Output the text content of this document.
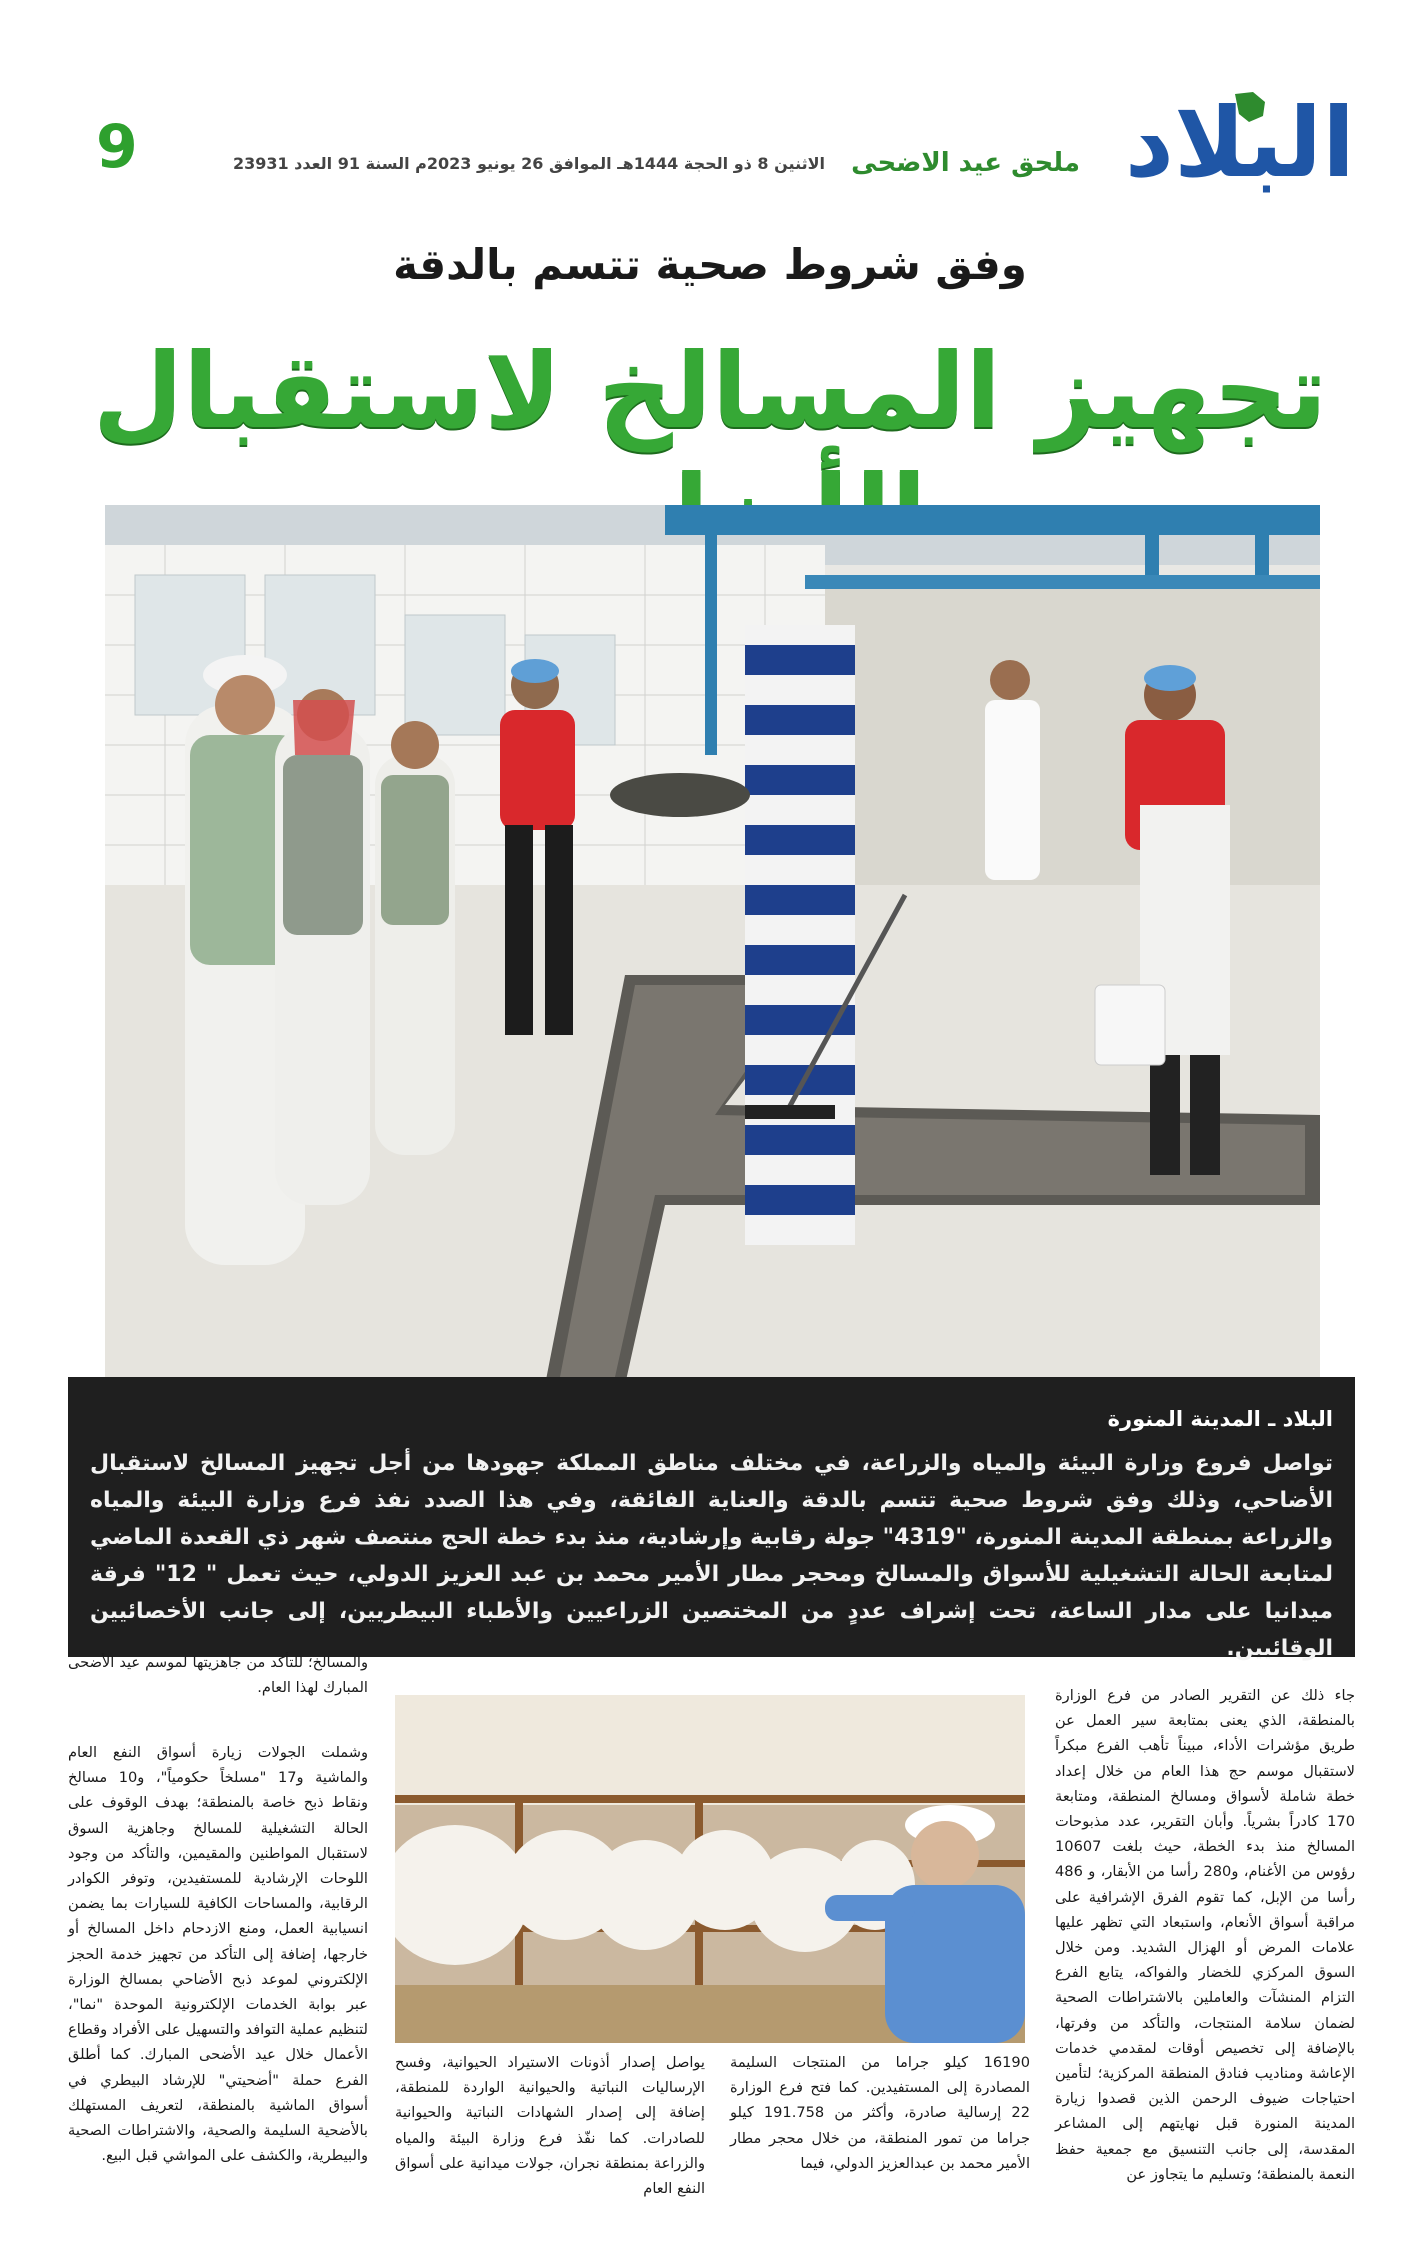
البلاد
ملحق عيد الاضحى
الاثنين 8 ذو الحجة 1444هـ الموافق 26 يونيو 2023م السنة 91 العدد 23931
9
وفق شروط صحية تتسم بالدقة
تجهيز المسالخ لاستقبال
البلاد ـ المدينة المنورة
تواصل فروع وزارة البيئة والمياه والزراعة، في مختلف مناطق المملكة جهودها من أجل تجهيز المسالخ لاستقبال الأضاحي، وذلك وفق شروط صحية تتسم بالدقة والعناية الفائقة، وفي هذا الصدد نفذ فرع وزارة البيئة والمياه والزراعة بمنطقة المدينة المنورة، "4319" جولة رقابية وإرشادية، منذ بدء خطة الحج منتصف شهر ذي القعدة الماضي لمتابعة الحالة التشغيلية للأسواق والمسالخ ومحجر مطار الأمير محمد بن عبد العزيز الدولي، حيث تعمل " 12" فرقة ميدانيا على مدار الساعة، تحت إشراف عددٍ من المختصين الزراعيين والأطباء البيطريين، إلى جانب الأخصائيين الوقائيين.
جاء ذلك عن التقرير الصادر من فرع الوزارة بالمنطقة، الذي يعنى بمتابعة سير العمل عن طريق مؤشرات الأداء، مبيناً تأهب الفرع مبكراً لاستقبال موسم حج هذا العام من خلال إعداد خطة شاملة لأسواق ومسالخ المنطقة، ومتابعة 170 كادراً بشرياً. وأبان التقرير، عدد مذبوحات المسالخ منذ بدء الخطة، حيث بلغت 10607 رؤوس من الأغنام، و280 رأسا من الأبقار، و 486 رأسا من الإبل، كما تقوم الفرق الإشرافية على مراقبة أسواق الأنعام، واستبعاد التي تظهر عليها علامات المرض أو الهزال الشديد. ومن خلال السوق المركزي للخضار والفواكه، يتابع الفرع التزام المنشآت والعاملين بالاشتراطات الصحية لضمان سلامة المنتجات، والتأكد من وفرتها، بالإضافة إلى تخصيص أوقات لمقدمي خدمات الإعاشة ومناديب فنادق المنطقة المركزية؛ لتأمين احتياجات ضيوف الرحمن الذين قصدوا زيارة المدينة المنورة قبل نهايتهم إلى المشاعر المقدسة، إلى جانب التنسيق مع جمعية حفظ النعمة بالمنطقة؛ وتسليم ما يتجاوز عن
16190 كيلو جراما من المنتجات السليمة المصادرة إلى المستفيدين. كما فتح فرع الوزارة 22 إرسالية صادرة، وأكثر من 191.758 كيلو جراما من تمور المنطقة، من خلال محجر مطار الأمير محمد بن عبدالعزيز الدولي، فيما
يواصل إصدار أذونات الاستيراد الحيوانية، وفسح الإرساليات النباتية والحيوانية الواردة للمنطقة، إضافة إلى إصدار الشهادات النباتية والحيوانية للصادرات. كما نفّذ فرع وزارة البيئة والمياه والزراعة بمنطقة نجران، جولات ميدانية على أسواق النفع العام
والمسالخ؛ للتأكد من جاهزيتها لموسم عيد الأضحى المبارك لهذا العام.
وشملت الجولات زيارة أسواق النفع العام والماشية و17 "مسلخاً حكومياً"، و10 مسالخ ونقاط ذبح خاصة بالمنطقة؛ بهدف الوقوف على الحالة التشغيلية للمسالخ وجاهزية السوق لاستقبال المواطنين والمقيمين، والتأكد من وجود اللوحات الإرشادية للمستفيدين، وتوفر الكوادر الرقابية، والمساحات الكافية للسيارات بما يضمن انسيابية العمل، ومنع الازدحام داخل المسالخ أو خارجها، إضافة إلى التأكد من تجهيز خدمة الحجز الإلكتروني لموعد ذبح الأضاحي بمسالخ الوزارة عبر بوابة الخدمات الإلكترونية الموحدة "نما"، لتنظيم عملية التوافد والتسهيل على الأفراد وقطاع الأعمال خلال عيد الأضحى المبارك. كما أطلق الفرع حملة "أضحيتي" للإرشاد البيطري في أسواق الماشية بالمنطقة، لتعريف المستهلك بالأضحية السليمة والصحية، والاشتراطات الصحية والبيطرية، والكشف على المواشي قبل البيع.
